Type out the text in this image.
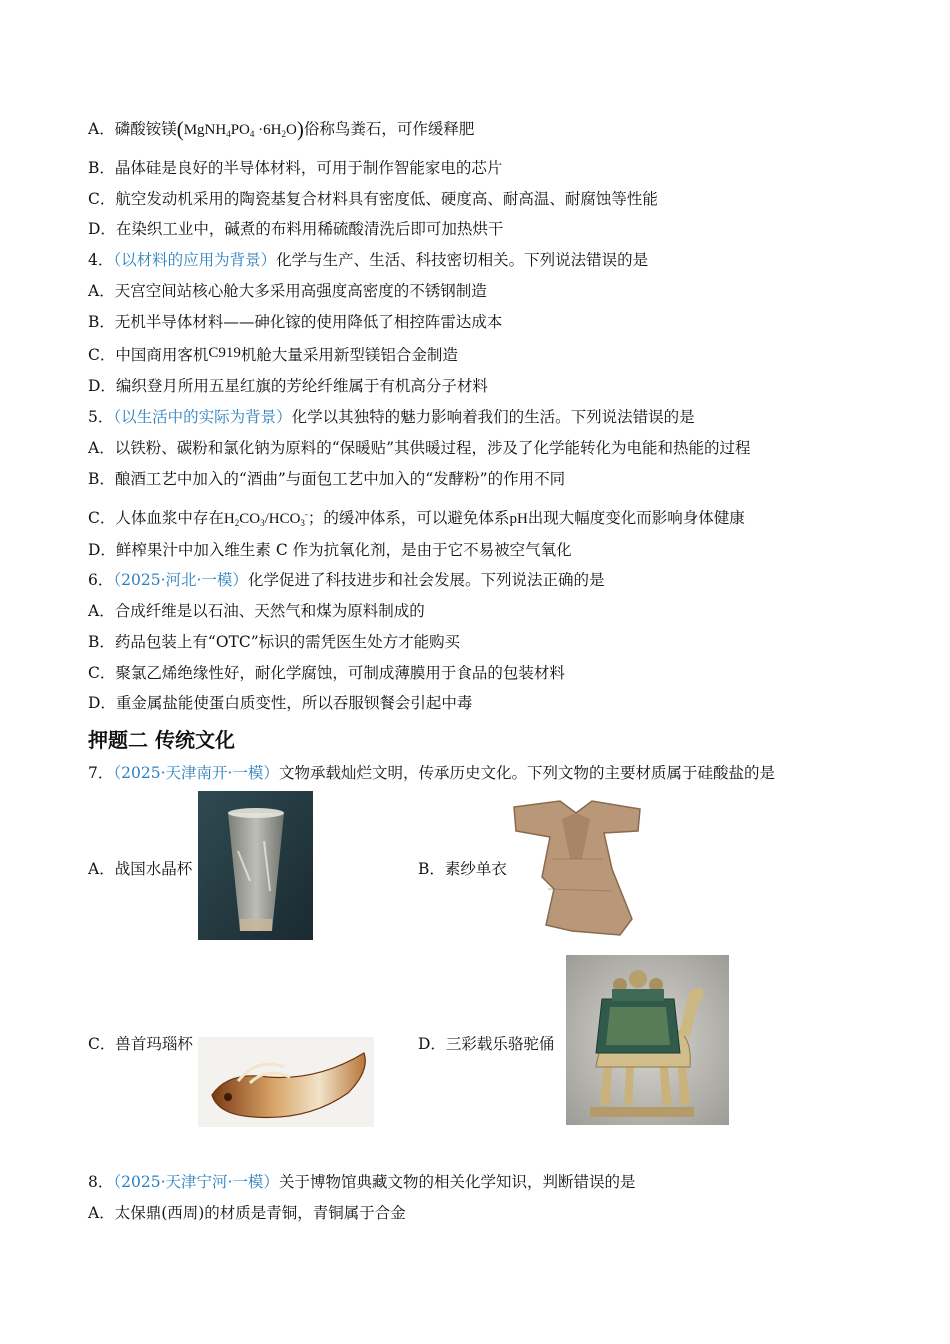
A．磷酸铵镁$(MgNH_4PO_4 \cdot 6H_2O)$俗称鸟粪石，可作缓释肥
B．晶体硅是良好的半导体材料，可用于制作智能家电的芯片
C．航空发动机采用的陶瓷基复合材料具有密度低、硬度高、耐高温、耐腐蚀等性能
D．在染织工业中，碱煮的布料用稀硫酸清洗后即可加热烘干
4．（以材料的应用为背景）化学与生产、生活、科技密切相关。下列说法错误的是
A．天宫空间站核心舱大多采用高强度高密度的不锈钢制造
B．无机半导体材料——砷化镓的使用降低了相控阵雷达成本
C．中国商用客机C919机舱大量采用新型镁铝合金制造
D．编织登月所用五星红旗的芳纶纤维属于有机高分子材料
5．（以生活中的实际为背景）化学以其独特的魅力影响着我们的生活。下列说法错误的是
A．以铁粉、碳粉和氯化钠为原料的“保暖贴”其供暖过程，涉及了化学能转化为电能和热能的过程
B．酿酒工艺中加入的“酒曲”与面包工艺中加入的“发酵粉”的作用不同
C．人体血浆中存在$H_2CO_3/HCO_3^-$；的缓冲体系，可以避免体系pH出现大幅度变化而影响身体健康
D．鲜榨果汁中加入维生素 C 作为抗氧化剂，是由于它不易被空气氧化
6．（2025·河北·一模）化学促进了科技进步和社会发展。下列说法正确的是
A．合成纤维是以石油、天然气和煤为原料制成的
B．药品包装上有“OTC”标识的需凭医生处方才能购买
C．聚氯乙烯绝缘性好，耐化学腐蚀，可制成薄膜用于食品的包装材料
D．重金属盐能使蛋白质变性，所以吞服钡餐会引起中毒
押题二 传统文化
7．（2025·天津南开·一模）文物承载灿烂文明，传承历史文化。下列文物的主要材质属于硅酸盐的是
A．战国水晶杯	B．素纱单衣
C．兽首玛瑙杯	D．三彩载乐骆驼俑
8．（2025·天津宁河·一模）关于博物馆典藏文物的相关化学知识，判断错误的是
A．太保鼎(西周)的材质是青铜，青铜属于合金
